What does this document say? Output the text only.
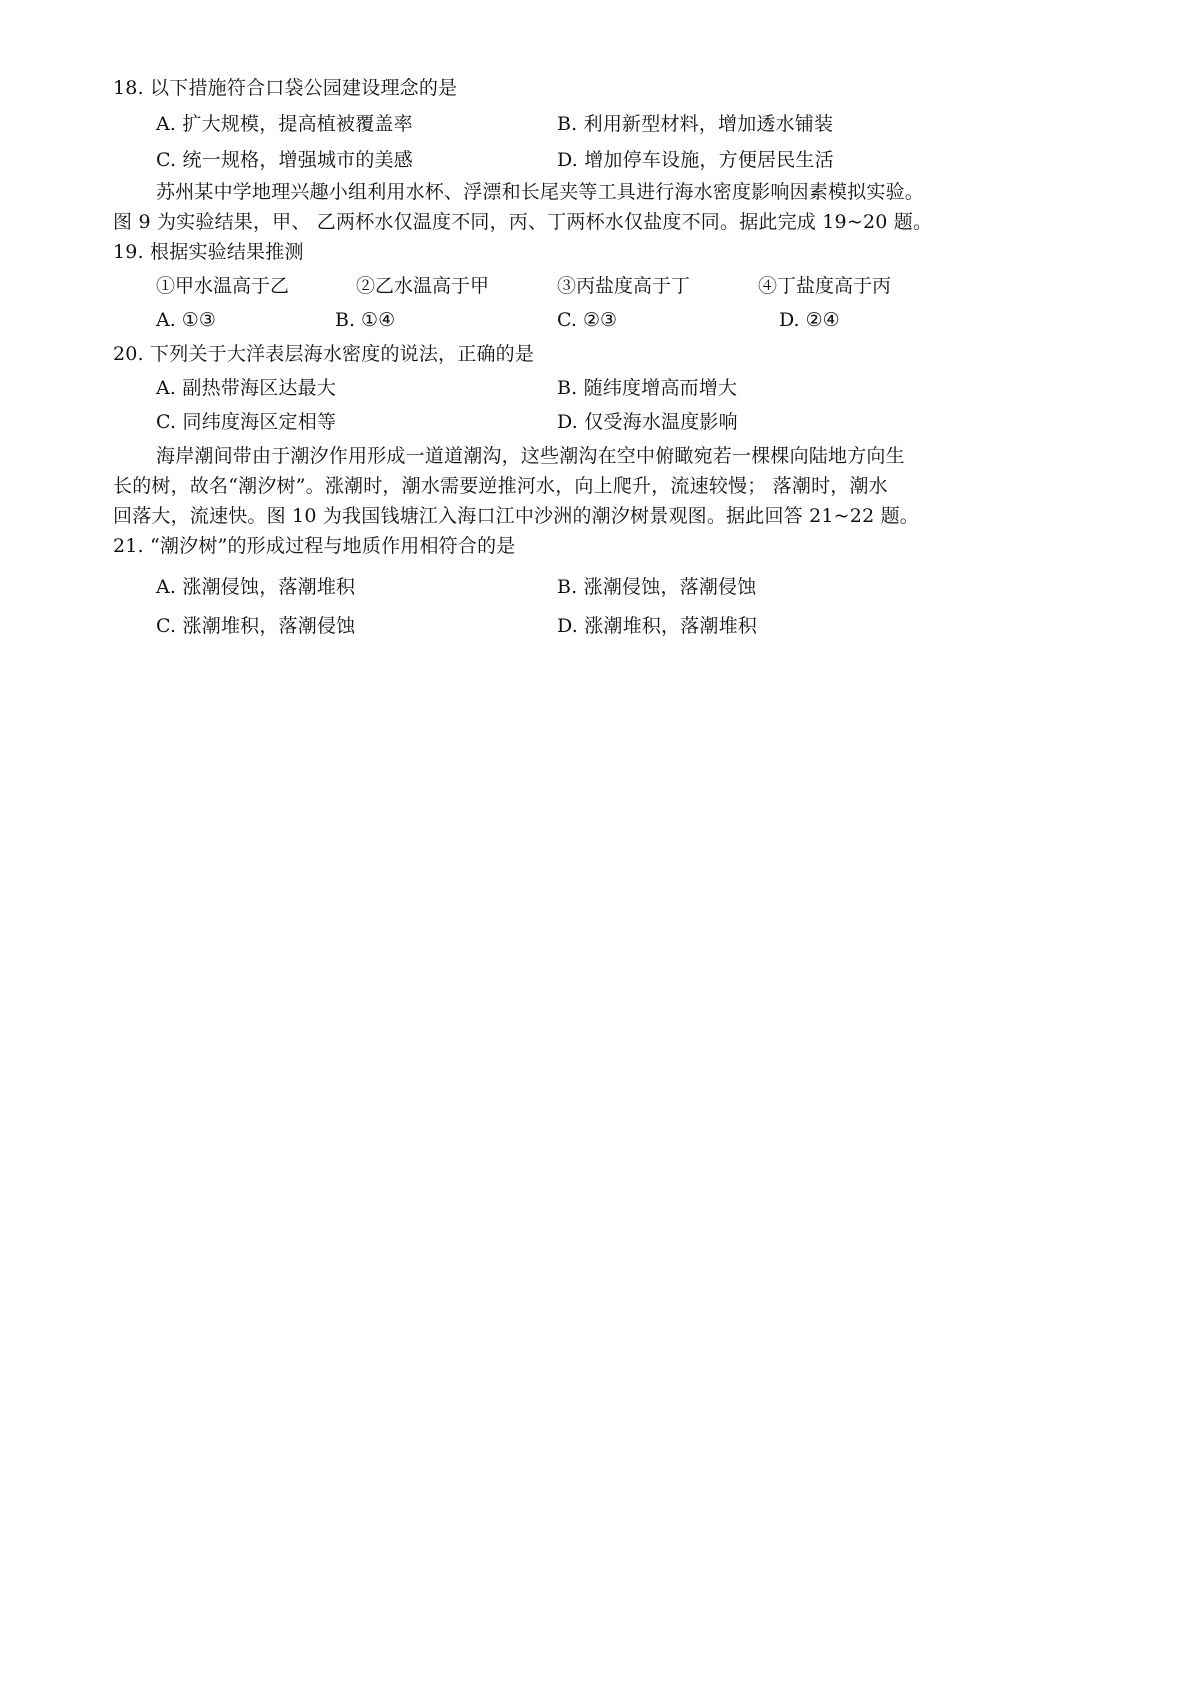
18. 以下措施符合口袋公园建设理念的是
A. 扩大规模，提高植被覆盖率	B. 利用新型材料，增加透水铺装
C. 统一规格，增强城市的美感	D. 增加停车设施，方便居民生活
苏州某中学地理兴趣小组利用水杯、浮漂和长尾夹等工具进行海水密度影响因素模拟实验。
图 9 为实验结果，甲、 乙两杯水仅温度不同，丙、丁两杯水仅盐度不同。据此完成 19~20 题。
19. 根据实验结果推测
①甲水温高于乙	②乙水温高于甲	③丙盐度高于丁	④丁盐度高于丙
A. ①③	B. ①④	C. ②③	D. ②④
20. 下列关于大洋表层海水密度的说法，正确的是
A. 副热带海区达最大	B. 随纬度增高而增大
C. 同纬度海区定相等	D. 仅受海水温度影响
海岸潮间带由于潮汐作用形成一道道潮沟，这些潮沟在空中俯瞰宛若一棵棵向陆地方向生
长的树，故名“潮汐树”。涨潮时，潮水需要逆推河水，向上爬升，流速较慢； 落潮时，潮水
回落大，流速快。图 10 为我国钱塘江入海口江中沙洲的潮汐树景观图。据此回答 21~22 题。
21. “潮汐树”的形成过程与地质作用相符合的是
A. 涨潮侵蚀，落潮堆积	B. 涨潮侵蚀，落潮侵蚀
C. 涨潮堆积，落潮侵蚀	D. 涨潮堆积，落潮堆积
